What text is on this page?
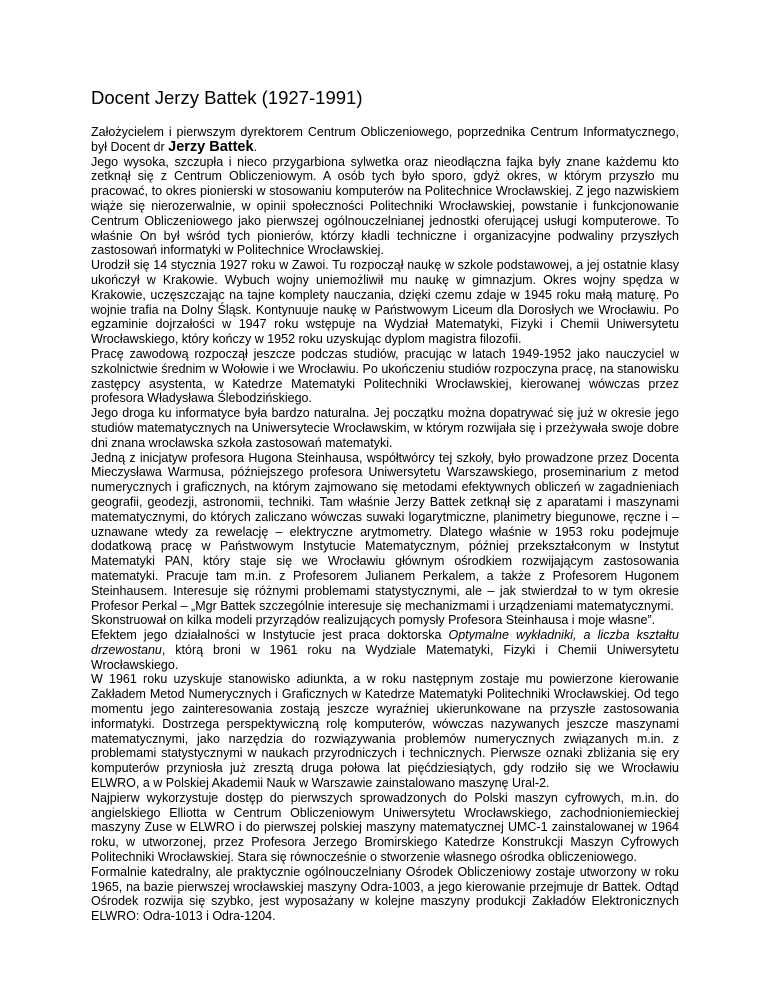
Docent Jerzy Battek (1927-1991)

Założycielem i pierwszym dyrektorem Centrum Obliczeniowego, poprzednika Centrum Informatycznego, był Docent dr Jerzy Battek.

Jego wysoka, szczupła i nieco przygarbiona sylwetka oraz nieodłączna fajka były znane każdemu kto zetknął się z Centrum Obliczeniowym. A osób tych było sporo, gdyż okres, w którym przyszło mu pracować, to okres pionierski w stosowaniu komputerów na Politechnice Wrocławskiej. Z jego nazwiskiem wiąże się nierozerwalnie, w opinii społeczności Politechniki Wrocławskiej, powstanie i funkcjonowanie Centrum Obliczeniowego jako pierwszej ogólnouczelnianej jednostki oferującej usługi komputerowe. To właśnie On był wśród tych pionierów, którzy kładli techniczne i organizacyjne podwaliny przyszłych zastosowań informatyki w Politechnice Wrocławskiej.

Urodził się 14 stycznia 1927 roku w Zawoi. Tu rozpoczął naukę w szkole podstawowej, a jej ostatnie klasy ukończył w Krakowie. Wybuch wojny uniemożliwił mu naukę w gimnazjum. Okres wojny spędza w Krakowie, uczęszczając na tajne komplety nauczania, dzięki czemu zdaje w 1945 roku małą maturę. Po wojnie trafia na Dolny Śląsk. Kontynuuje naukę w Państwowym Liceum dla Dorosłych we Wrocławiu. Po egzaminie dojrzałości w 1947 roku wstępuje na Wydział Matematyki, Fizyki i Chemii Uniwersytetu Wrocławskiego, który kończy w 1952 roku uzyskując dyplom magistra filozofii.

Pracę zawodową rozpoczął jeszcze podczas studiów, pracując w latach 1949‑1952 jako nauczyciel w szkolnictwie średnim w Wołowie i we Wrocławiu. Po ukończeniu studiów rozpoczyna pracę, na stanowisku zastępcy asystenta, w Katedrze Matematyki Politechniki Wrocławskiej, kierowanej wówczas przez profesora Władysława Ślebodzińskiego.

Jego droga ku informatyce była bardzo naturalna. Jej początku można dopatrywać się już w okresie jego studiów matematycznych na Uniwersytecie Wrocławskim, w którym rozwijała się i przeżywała swoje dobre dni znana wrocławska szkoła zastosowań matematyki.

Jedną z inicjatyw profesora Hugona Steinhausa, współtwórcy tej szkoły, było prowadzone przez Docenta Mieczysława Warmusa, późniejszego profesora Uniwersytetu Warszawskiego, proseminarium z metod numerycznych i graficznych, na którym zajmowano się metodami efektywnych obliczeń w zagadnieniach geografii, geodezji, astronomii, techniki. Tam właśnie Jerzy Battek zetknął się z aparatami i maszynami matematycznymi, do których zaliczano wówczas suwaki logarytmiczne, planimetry biegunowe, ręczne i – uznawane wtedy za rewelację – elektryczne arytmometry. Dlatego właśnie w 1953 roku podejmuje dodatkową pracę w Państwowym Instytucie Matematycznym, później przekształconym w Instytut Matematyki PAN, który staje się we Wrocławiu głównym ośrodkiem rozwijającym zastosowania matematyki. Pracuje tam m.in. z Profesorem Julianem Perkalem, a także z Profesorem Hugonem Steinhausem. Interesuje się różnymi problemami statystycznymi, ale – jak stwierdzał to w tym okresie Profesor Perkal – „Mgr Battek szczególnie interesuje się mechanizmami i urządzeniami matematycznymi.

Skonstruował on kilka modeli przyrządów realizujących pomysły Profesora Steinhausa i moje własne”.

Efektem jego działalności w Instytucie jest praca doktorska Optymalne wykładniki, a liczba kształtu drzewostanu, którą broni w 1961 roku na Wydziale Matematyki, Fizyki i Chemii Uniwersytetu Wrocławskiego.

W 1961 roku uzyskuje stanowisko adiunkta, a w roku następnym zostaje mu powierzone kierowanie Zakładem Metod Numerycznych i Graficznych w Katedrze Matematyki Politechniki Wrocławskiej. Od tego momentu jego zainteresowania zostają jeszcze wyraźniej ukierunkowane na przyszłe zastosowania informatyki. Dostrzega perspektywiczną rolę komputerów, wówczas nazywanych jeszcze maszynami matematycznymi, jako narzędzia do rozwiązywania problemów numerycznych związanych m.in. z problemami statystycznymi w naukach przyrodniczych i technicznych. Pierwsze oznaki zbliżania się ery komputerów przyniosła już zresztą druga połowa lat pięćdziesiątych, gdy rodziło się we Wrocławiu ELWRO, a w Polskiej Akademii Nauk w Warszawie zainstalowano maszynę Ural-2.

Najpierw wykorzystuje dostęp do pierwszych sprowadzonych do Polski maszyn cyfrowych, m.in. do angielskiego Elliotta w Centrum Obliczeniowym Uniwersytetu Wrocławskiego, zachodnioniemieckiej maszyny Zuse w ELWRO i do pierwszej polskiej maszyny matematycznej UMC-1 zainstalowanej w 1964 roku, w utworzonej, przez Profesora Jerzego Bromirskiego Katedrze Konstrukcji Maszyn Cyfrowych Politechniki Wrocławskiej. Stara się równocześnie o stworzenie własnego ośrodka obliczeniowego.

Formalnie katedralny, ale praktycznie ogólnouczelniany Ośrodek Obliczeniowy zostaje utworzony w roku 1965, na bazie pierwszej wrocławskiej maszyny Odra-1003, a jego kierowanie przejmuje dr Battek. Odtąd Ośrodek rozwija się szybko, jest wyposażany w kolejne maszyny produkcji Zakładów Elektronicznych ELWRO: Odra-1013 i Odra-1204.
